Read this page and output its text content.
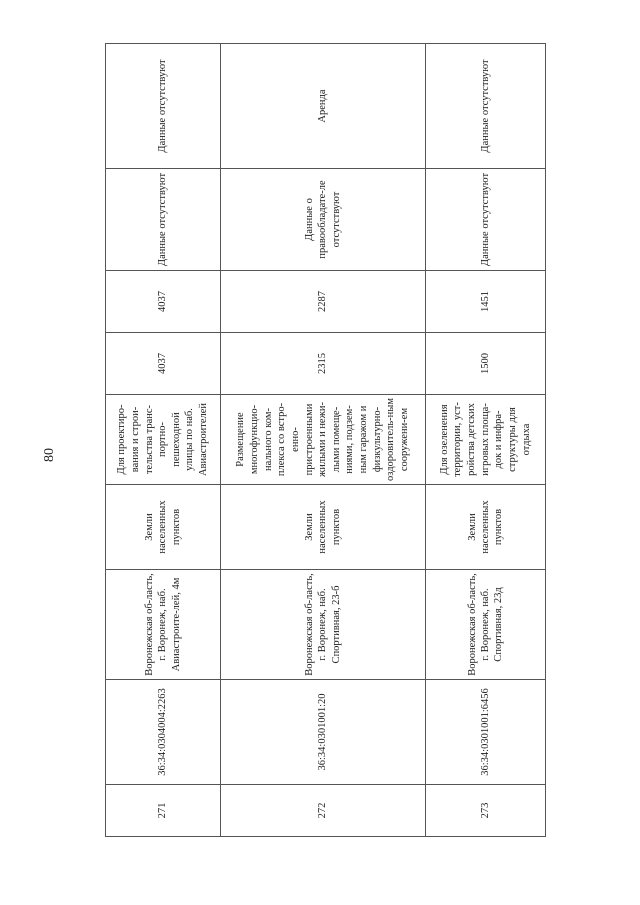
80
271	36:34:0304004:2263	Воронежская об-ласть, г. Воронеж, наб. Авиастроите-лей, 4м	Земли населенных пунктов	Для проектиро-вания и строи-тельства транс-портно-пешеходной улицы по наб. Авиастроителей	4037	4037	Данные отсутствуют	Данные отсутствуют
272	36:34:0301001:20	Воронежская об-ласть, г. Воронеж, наб. Спортивная, 23-б	Земли населенных пунктов	Размещение многофункцио-нального ком-плекса со встро-енно-пристроенными жилыми и нежи-лыми помеще-ниями, подзем-ным гаражом и физкультурно-оздоровитель-ным сооружени-ем	2315	2287	Данные о правообладате-ле отсутствуют	Аренда
273	36:34:0301001:6456	Воронежская об-ласть, г. Воронеж, наб. Спортивная, 23д	Земли населенных пунктов	Для озеленения территории, уст-ройства детских игровых площа-док и инфра-структуры для отдыха	1500	1451	Данные отсутствуют	Данные отсутствуют
